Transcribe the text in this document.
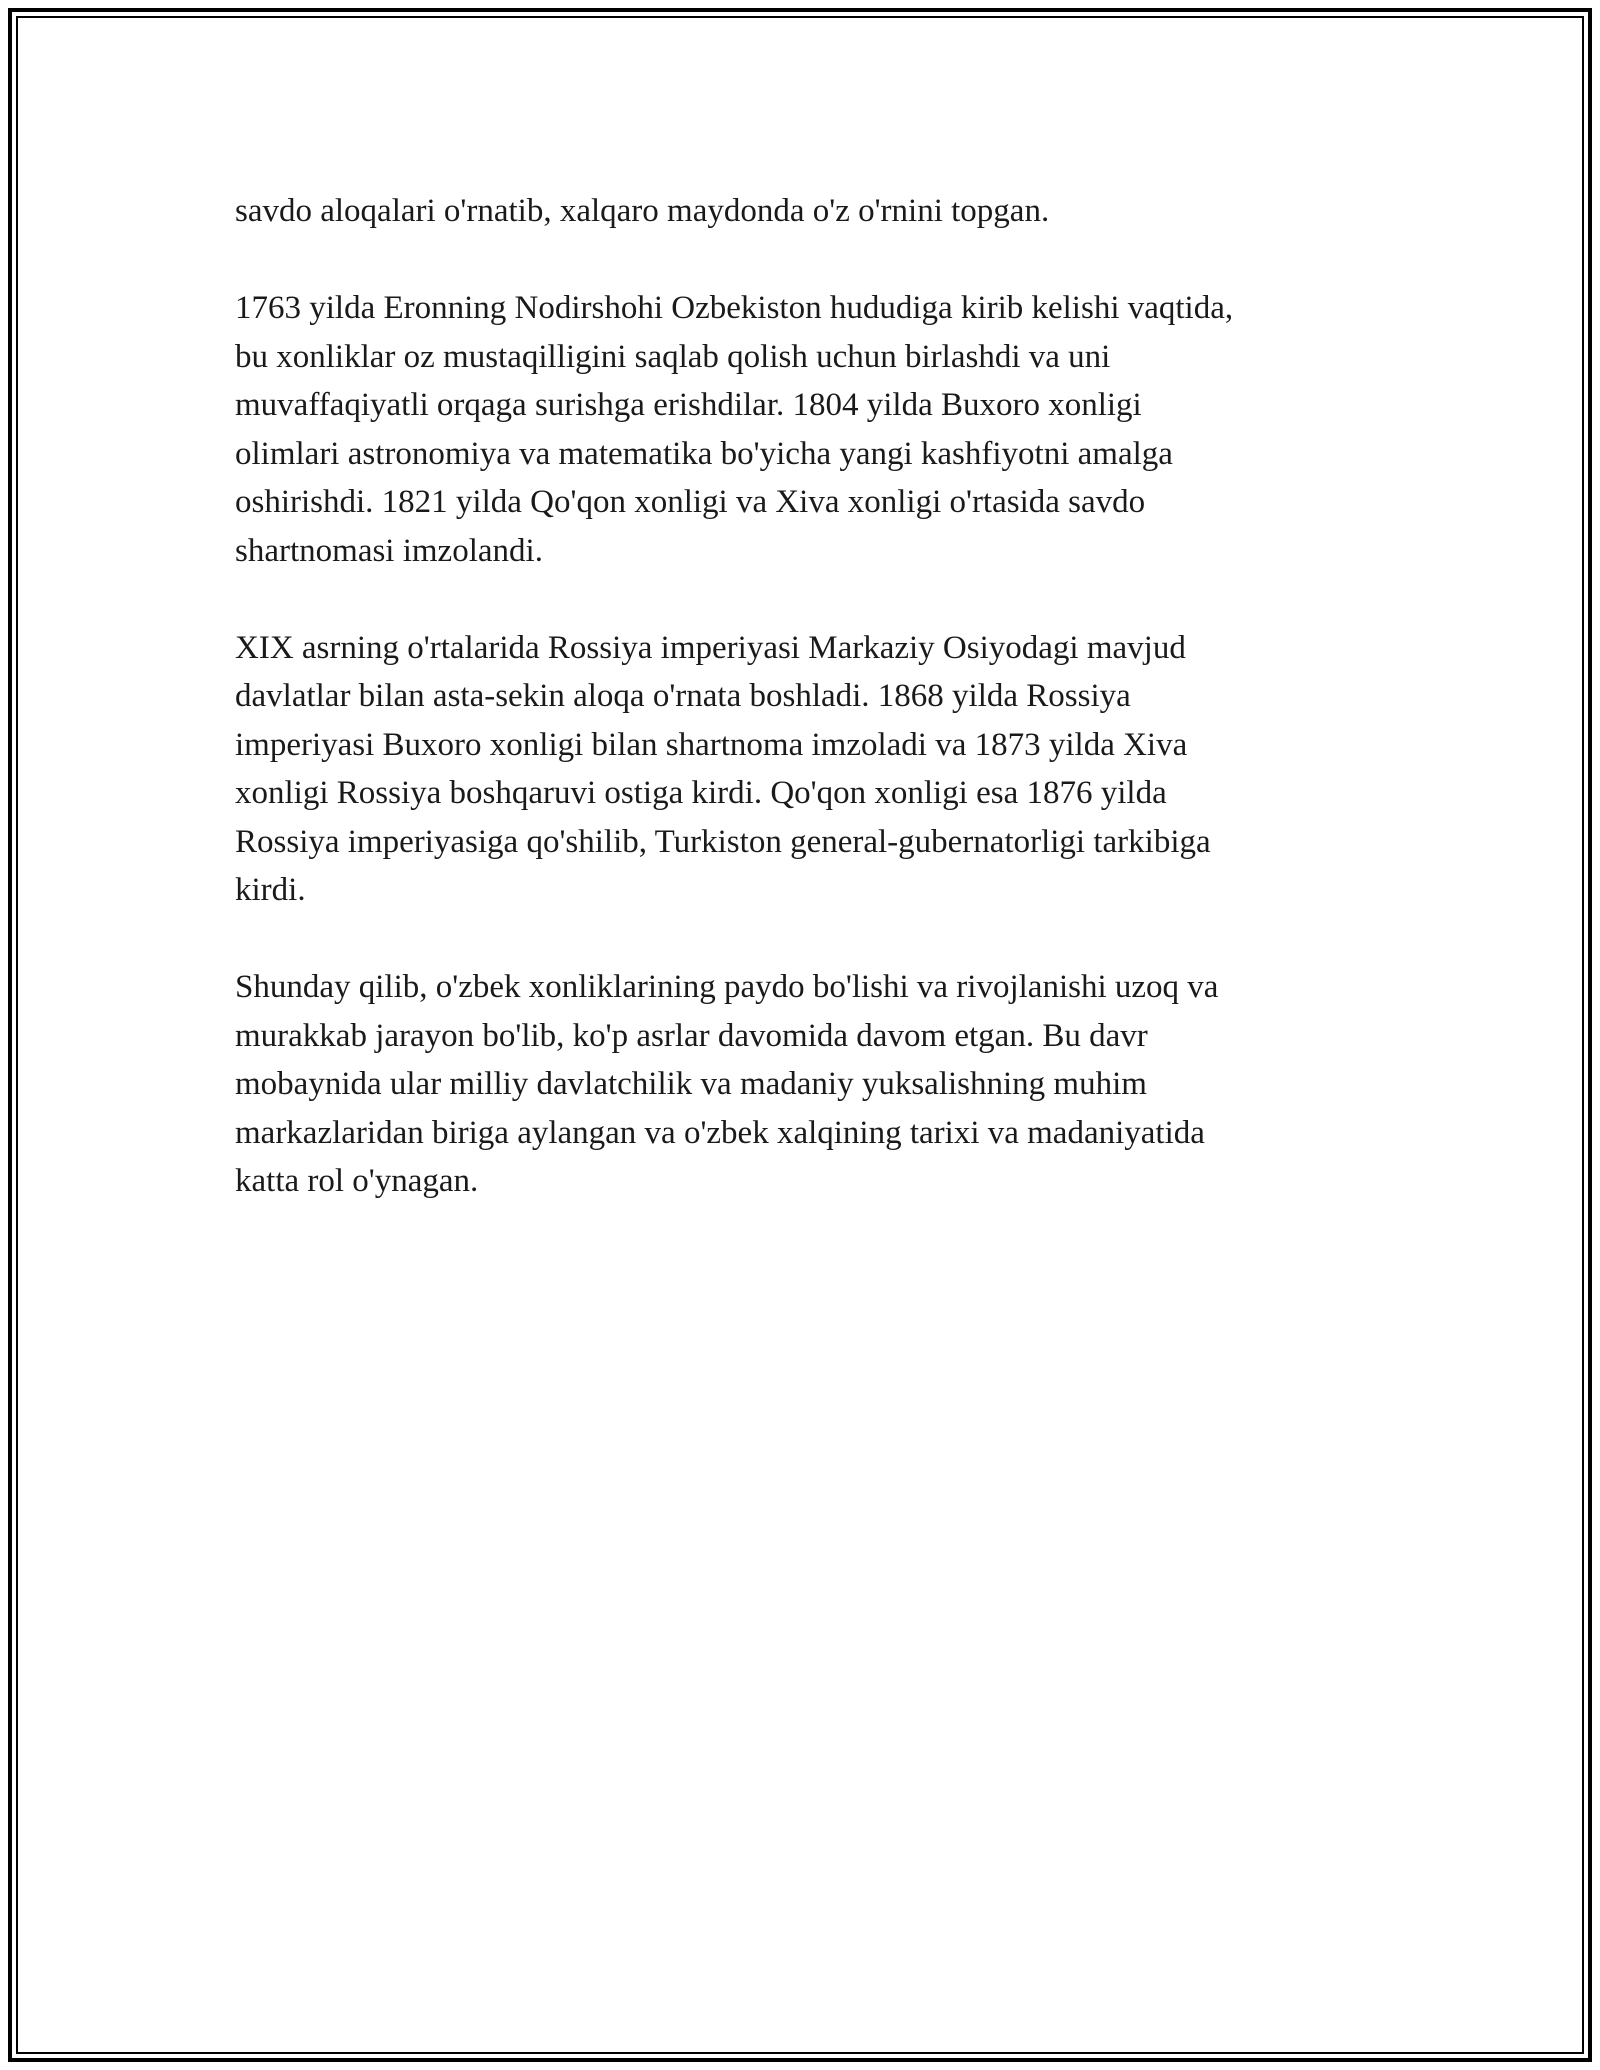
savdo aloqalari o'rnatib, xalqaro maydonda o'z o'rnini topgan.

1763 yilda Eronning Nodirshohi Ozbekiston hududiga kirib kelishi vaqtida,
bu xonliklar oz mustaqilligini saqlab qolish uchun birlashdi va uni
muvaffaqiyatli orqaga surishga erishdilar. 1804 yilda Buxoro xonligi
olimlari astronomiya va matematika bo'yicha yangi kashfiyotni amalga
oshirishdi. 1821 yilda Qo'qon xonligi va Xiva xonligi o'rtasida savdo
shartnomasi imzolandi.

XIX asrning o'rtalarida Rossiya imperiyasi Markaziy Osiyodagi mavjud
davlatlar bilan asta-sekin aloqa o'rnata boshladi. 1868 yilda Rossiya
imperiyasi Buxoro xonligi bilan shartnoma imzoladi va 1873 yilda Xiva
xonligi Rossiya boshqaruvi ostiga kirdi. Qo'qon xonligi esa 1876 yilda
Rossiya imperiyasiga qo'shilib, Turkiston general-gubernatorligi tarkibiga
kirdi.

Shunday qilib, o'zbek xonliklarining paydo bo'lishi va rivojlanishi uzoq va
murakkab jarayon bo'lib, ko'p asrlar davomida davom etgan. Bu davr
mobaynida ular milliy davlatchilik va madaniy yuksalishning muhim
markazlaridan biriga aylangan va o'zbek xalqining tarixi va madaniyatida
katta rol o'ynagan.
